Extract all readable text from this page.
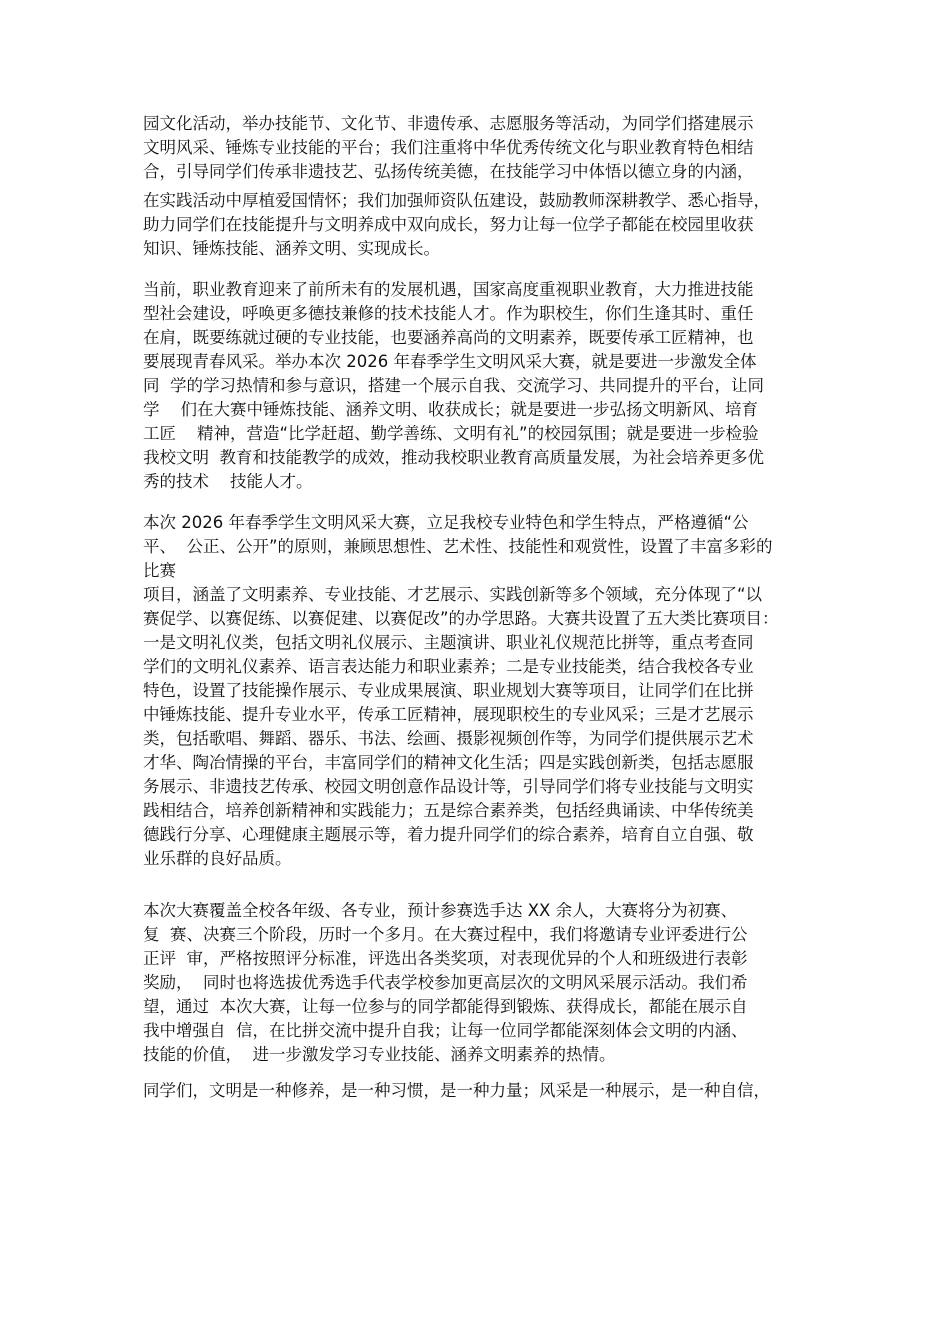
园文化活动，举办技能节、文化节、非遗传承、志愿服务等活动，为同学们搭建展示

文明风采、锤炼专业技能的平台；我们注重将中华优秀传统文化与职业教育特色相结

合，引导同学们传承非遗技艺、弘扬传统美德，在技能学习中体悟以德立身的内涵，

在实践活动中厚植爱国情怀；我们加强师资队伍建设，鼓励教师深耕教学、悉心指导，

助力同学们在技能提升与文明养成中双向成长，努力让每一位学子都能在校园里收获

知识、锤炼技能、涵养文明、实现成长。

当前，职业教育迎来了前所未有的发展机遇，国家高度重视职业教育，大力推进技能

型社会建设，呼唤更多德技兼修的技术技能人才。作为职校生，你们生逢其时、重任

在肩，既要练就过硬的专业技能，也要涵养高尚的文明素养，既要传承工匠精神，也

要展现青春风采。举办本次 2026 年春季学生文明风采大赛，就是要进一步激发全体

同  学的学习热情和参与意识，搭建一个展示自我、交流学习、共同提升的平台，让同

学    们在大赛中锤炼技能、涵养文明、收获成长；就是要进一步弘扬文明新风、培育

工匠    精神，营造“比学赶超、勤学善练、文明有礼”的校园氛围；就是要进一步检验

我校文明  教育和技能教学的成效，推动我校职业教育高质量发展，为社会培养更多优

秀的技术    技能人才。

本次 2026 年春季学生文明风采大赛，立足我校专业特色和学生特点，严格遵循“公

平、  公正、公开”的原则，兼顾思想性、艺术性、技能性和观赏性，设置了丰富多彩的

比赛

项目，涵盖了文明素养、专业技能、才艺展示、实践创新等多个领域，充分体现了“以

赛促学、以赛促练、以赛促建、以赛促改”的办学思路。大赛共设置了五大类比赛项目：

一是文明礼仪类，包括文明礼仪展示、主题演讲、职业礼仪规范比拼等，重点考查同

学们的文明礼仪素养、语言表达能力和职业素养；二是专业技能类，结合我校各专业

特色，设置了技能操作展示、专业成果展演、职业规划大赛等项目，让同学们在比拼

中锤炼技能、提升专业水平，传承工匠精神，展现职校生的专业风采；三是才艺展示

类，包括歌唱、舞蹈、器乐、书法、绘画、摄影视频创作等，为同学们提供展示艺术

才华、陶冶情操的平台，丰富同学们的精神文化生活；四是实践创新类，包括志愿服

务展示、非遗技艺传承、校园文明创意作品设计等，引导同学们将专业技能与文明实

践相结合，培养创新精神和实践能力；五是综合素养类，包括经典诵读、中华传统美

德践行分享、心理健康主题展示等，着力提升同学们的综合素养，培育自立自强、敬

业乐群的良好品质。

本次大赛覆盖全校各年级、各专业，预计参赛选手达 XX 余人，大赛将分为初赛、

复  赛、决赛三个阶段，历时一个多月。在大赛过程中，我们将邀请专业评委进行公

正评  审，严格按照评分标准，评选出各类奖项，对表现优异的个人和班级进行表彰

奖励，  同时也将选拔优秀选手代表学校参加更高层次的文明风采展示活动。我们希

望，通过  本次大赛，让每一位参与的同学都能得到锻炼、获得成长，都能在展示自

我中增强自  信，在比拼交流中提升自我；让每一位同学都能深刻体会文明的内涵、

技能的价值，  进一步激发学习专业技能、涵养文明素养的热情。

同学们，文明是一种修养，是一种习惯，是一种力量；风采是一种展示，是一种自信，
